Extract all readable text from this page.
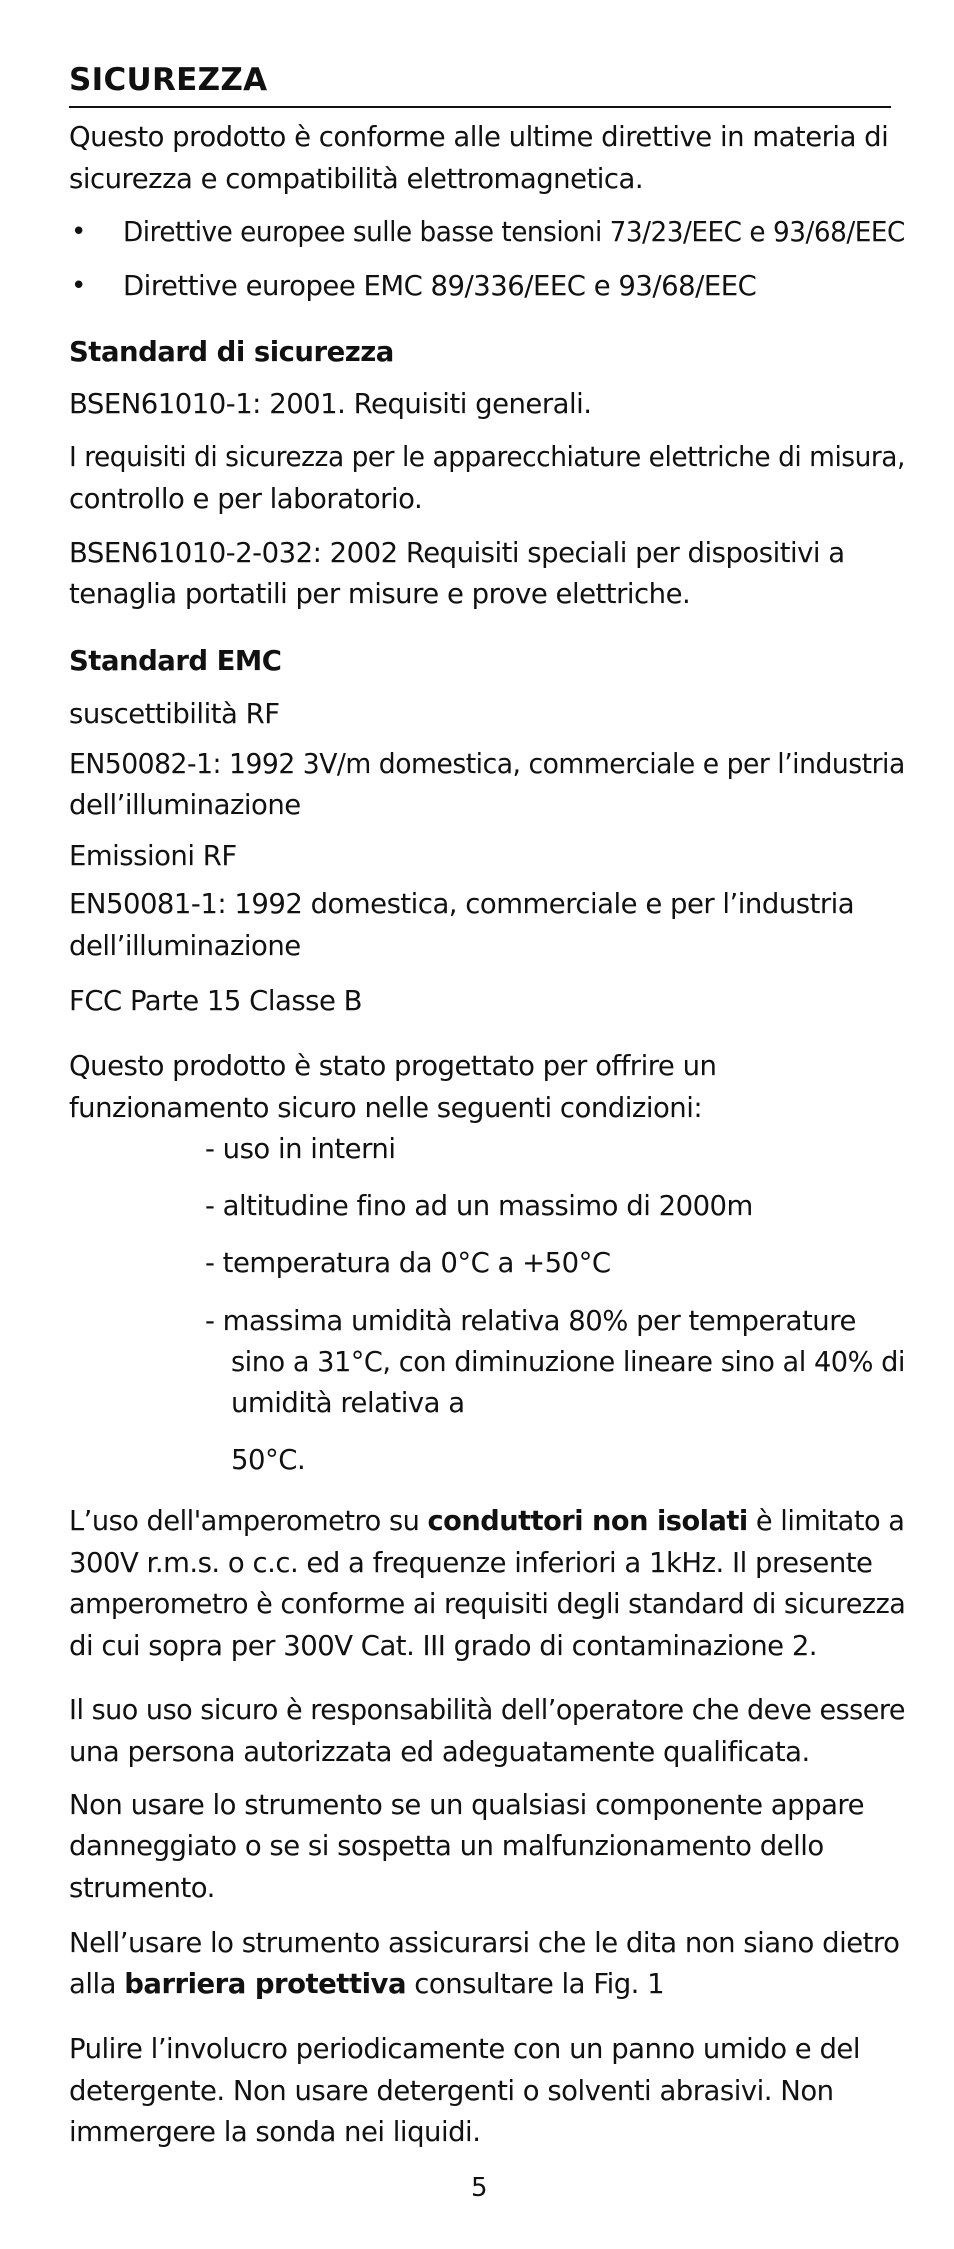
SICUREZZA
Questo prodotto è conforme alle ultime direttive in materia di
sicurezza e compatibilità elettromagnetica.
• Direttive europee sulle basse tensioni 73/23/EEC e 93/68/EEC
• Direttive europee EMC 89/336/EEC e 93/68/EEC
Standard di sicurezza
BSEN61010-1: 2001. Requisiti generali.
I requisiti di sicurezza per le apparecchiature elettriche di misura,
controllo e per laboratorio.
BSEN61010-2-032: 2002 Requisiti speciali per dispositivi a
tenaglia portatili per misure e prove elettriche.
Standard EMC
suscettibilità RF
EN50082-1: 1992 3V/m domestica, commerciale e per l’industria
dell’illuminazione
Emissioni RF
EN50081-1: 1992 domestica, commerciale e per l’industria
dell’illuminazione
FCC Parte 15 Classe B
Questo prodotto è stato progettato per offrire un
funzionamento sicuro nelle seguenti condizioni:
- uso in interni
- altitudine fino ad un massimo di 2000m
- temperatura da 0°C a +50°C
- massima umidità relativa 80% per temperature
sino a 31°C, con diminuzione lineare sino al 40% di
umidità relativa a
50°C.
L’uso dell'amperometro su conduttori non isolati è limitato a
300V r.m.s. o c.c. ed a frequenze inferiori a 1kHz. Il presente
amperometro è conforme ai requisiti degli standard di sicurezza
di cui sopra per 300V Cat. III grado di contaminazione 2.
Il suo uso sicuro è responsabilità dell’operatore che deve essere
una persona autorizzata ed adeguatamente qualificata.
Non usare lo strumento se un qualsiasi componente appare
danneggiato o se si sospetta un malfunzionamento dello
strumento.
Nell’usare lo strumento assicurarsi che le dita non siano dietro
alla barriera protettiva consultare la Fig. 1
Pulire l’involucro periodicamente con un panno umido e del
detergente. Non usare detergenti o solventi abrasivi. Non
immergere la sonda nei liquidi.
5
